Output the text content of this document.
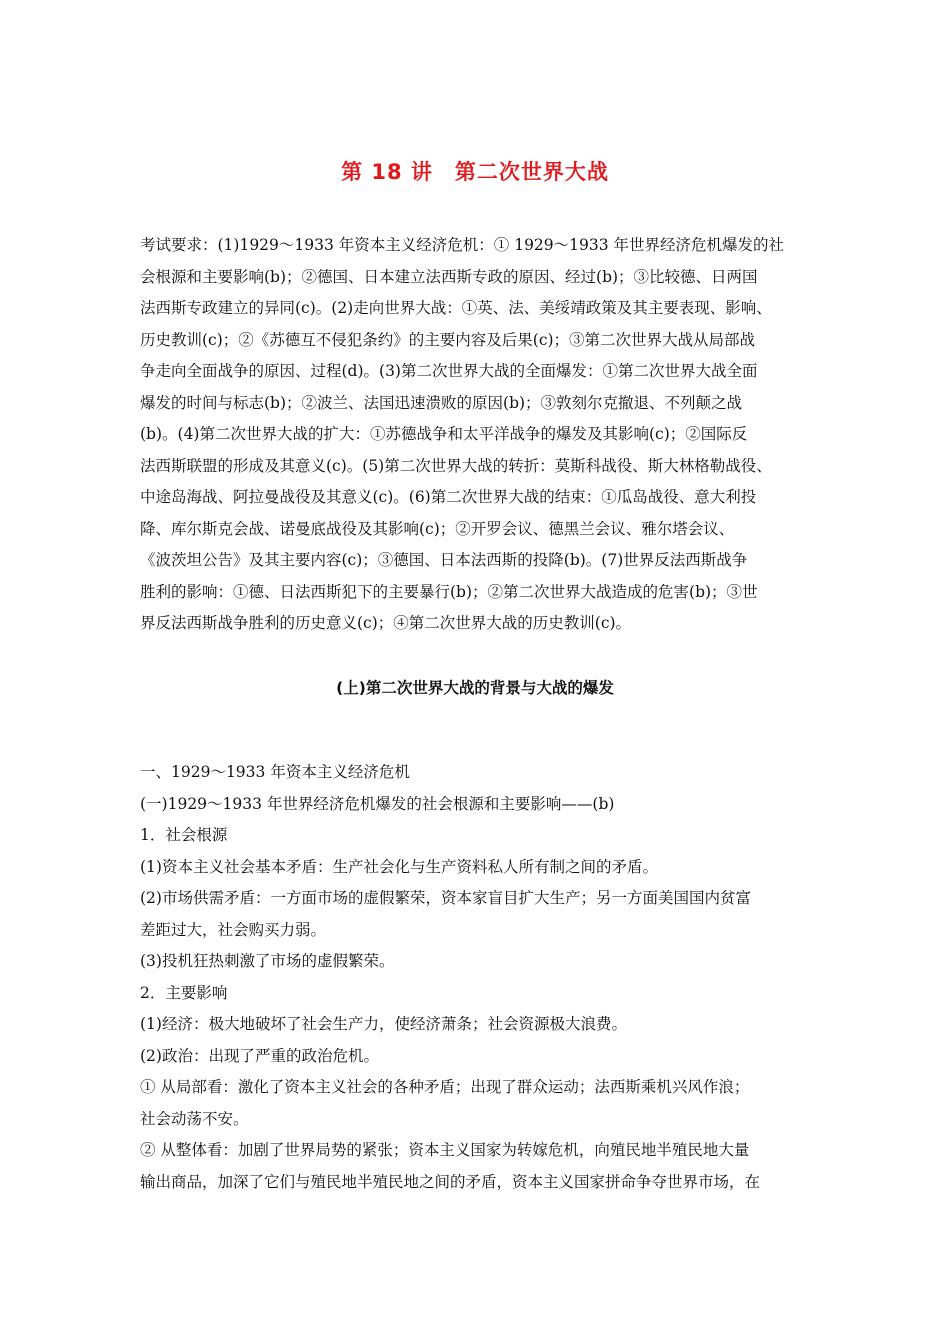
第 18 讲　第二次世界大战
考试要求：(1)1929～1933 年资本主义经济危机：① 1929～1933 年世界经济危机爆发的社
会根源和主要影响(b)；②德国、日本建立法西斯专政的原因、经过(b)；③比较德、日两国
法西斯专政建立的异同(c)。(2)走向世界大战：①英、法、美绥靖政策及其主要表现、影响、
历史教训(c)；②《苏德互不侵犯条约》的主要内容及后果(c)；③第二次世界大战从局部战
争走向全面战争的原因、过程(d)。(3)第二次世界大战的全面爆发：①第二次世界大战全面
爆发的时间与标志(b)；②波兰、法国迅速溃败的原因(b)；③敦刻尔克撤退、不列颠之战
(b)。(4)第二次世界大战的扩大：①苏德战争和太平洋战争的爆发及其影响(c)；②国际反
法西斯联盟的形成及其意义(c)。(5)第二次世界大战的转折：莫斯科战役、斯大林格勒战役、
中途岛海战、阿拉曼战役及其意义(c)。(6)第二次世界大战的结束：①瓜岛战役、意大利投
降、库尔斯克会战、诺曼底战役及其影响(c)；②开罗会议、德黑兰会议、雅尔塔会议、
《波茨坦公告》及其主要内容(c)；③德国、日本法西斯的投降(b)。(7)世界反法西斯战争
胜利的影响：①德、日法西斯犯下的主要暴行(b)；②第二次世界大战造成的危害(b)；③世
界反法西斯战争胜利的历史意义(c)；④第二次世界大战的历史教训(c)。
(上)第二次世界大战的背景与大战的爆发
一、1929～1933 年资本主义经济危机
(一)1929～1933 年世界经济危机爆发的社会根源和主要影响——(b)
1．社会根源
(1)资本主义社会基本矛盾：生产社会化与生产资料私人所有制之间的矛盾。
(2)市场供需矛盾：一方面市场的虚假繁荣，资本家盲目扩大生产；另一方面美国国内贫富
差距过大，社会购买力弱。
(3)投机狂热刺激了市场的虚假繁荣。
2．主要影响
(1)经济：极大地破坏了社会生产力，使经济萧条；社会资源极大浪费。
(2)政治：出现了严重的政治危机。
① 从局部看：激化了资本主义社会的各种矛盾；出现了群众运动；法西斯乘机兴风作浪；
社会动荡不安。
② 从整体看：加剧了世界局势的紧张；资本主义国家为转嫁危机，向殖民地半殖民地大量
输出商品，加深了它们与殖民地半殖民地之间的矛盾，资本主义国家拼命争夺世界市场，在
